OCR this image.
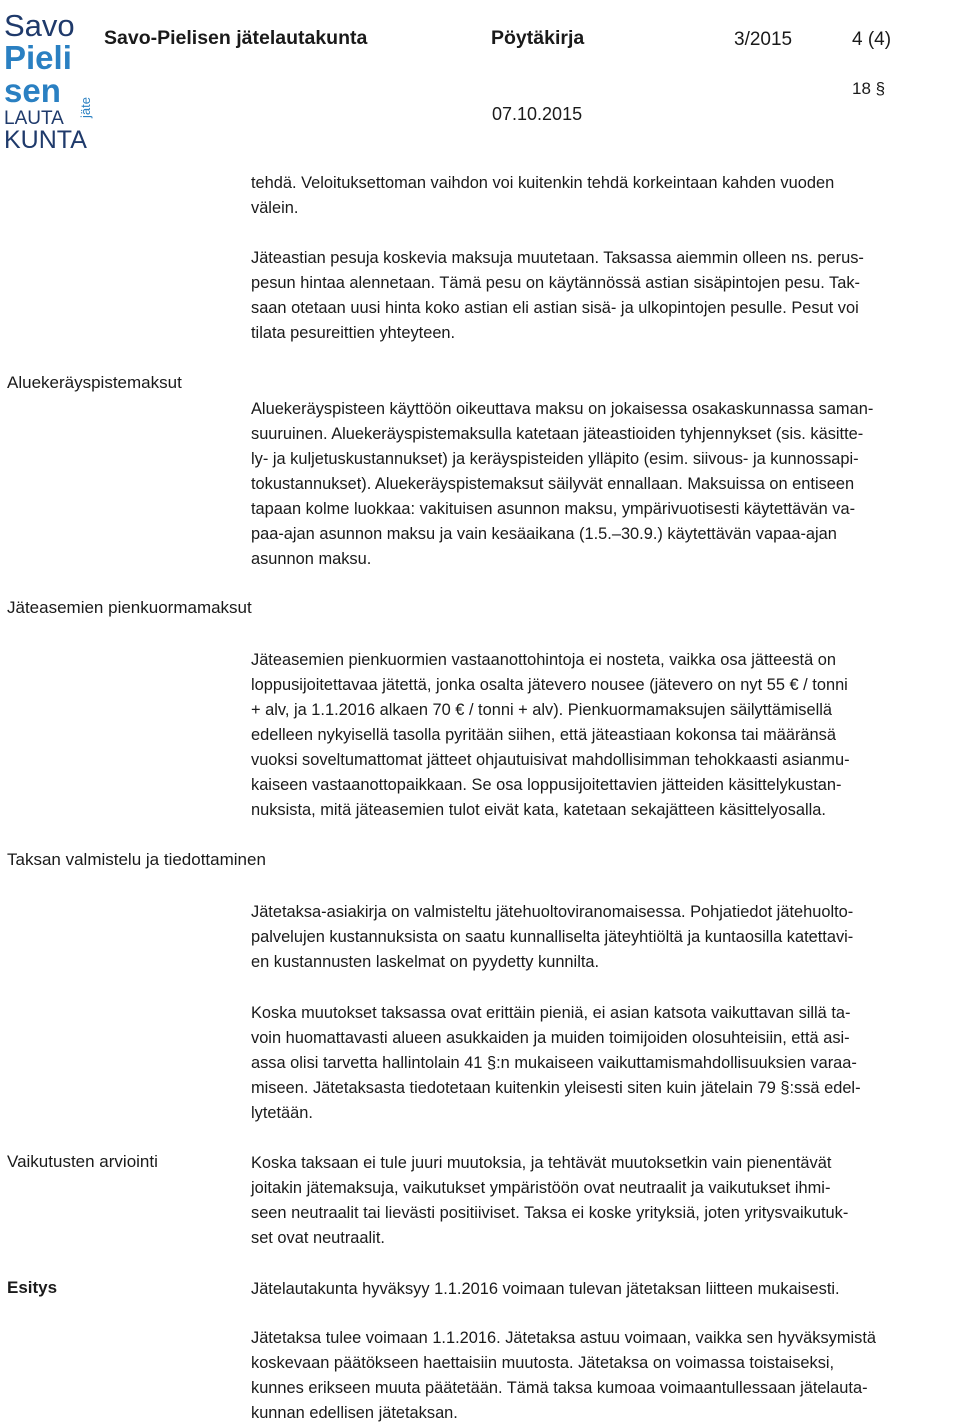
Savo
Pieli
sen
LAUTA
KUNTA
jäte
Savo-Pielisen jätelautakunta	Pöytäkirja	3/2015	4 (4)
18 §
07.10.2015

tehdä. Veloituksettoman vaihdon voi kuitenkin tehdä korkeintaan kahden vuoden
välein.

Jäteastian pesuja koskevia maksuja muutetaan. Taksassa aiemmin olleen ns. perus-
pesun hintaa alennetaan. Tämä pesu on käytännössä astian sisäpintojen pesu. Tak-
saan otetaan uusi hinta koko astian eli astian sisä- ja ulkopintojen pesulle. Pesut voi
tilata pesureittien yhteyteen.

Aluekeräyspistemaksut

Aluekeräyspisteen käyttöön oikeuttava maksu on jokaisessa osakaskunnassa saman-
suuruinen. Aluekeräyspistemaksulla katetaan jäteastioiden tyhjennykset (sis. käsitte-
ly- ja kuljetuskustannukset) ja keräyspisteiden ylläpito (esim. siivous- ja kunnossapi-
tokustannukset). Aluekeräyspistemaksut säilyvät ennallaan. Maksuissa on entiseen
tapaan kolme luokkaa: vakituisen asunnon maksu, ympärivuotisesti käytettävän va-
paa-ajan asunnon maksu ja vain kesäaikana (1.5.–30.9.) käytettävän vapaa-ajan
asunnon maksu.

Jäteasemien pienkuormamaksut

Jäteasemien pienkuormien vastaanottohintoja ei nosteta, vaikka osa jätteestä on
loppusijoitettavaa jätettä, jonka osalta jätevero nousee (jätevero on nyt 55 € / tonni
+ alv, ja 1.1.2016 alkaen 70 € / tonni + alv). Pienkuormamaksujen säilyttämisellä
edelleen nykyisellä tasolla pyritään siihen, että jäteastiaan kokonsa tai määränsä
vuoksi soveltumattomat jätteet ohjautuisivat mahdollisimman tehokkaasti asianmu-
kaiseen vastaanottopaikkaan. Se osa loppusijoitettavien jätteiden käsittelykustan-
nuksista, mitä jäteasemien tulot eivät kata, katetaan sekajätteen käsittelyosalla.

Taksan valmistelu ja tiedottaminen

Jätetaksa-asiakirja on valmisteltu jätehuoltoviranomaisessa. Pohjatiedot jätehuolto-
palvelujen kustannuksista on saatu kunnalliselta jäteyhtiöltä ja kuntaosilla katettavi-
en kustannusten laskelmat on pyydetty kunnilta.

Koska muutokset taksassa ovat erittäin pieniä, ei asian katsota vaikuttavan sillä ta-
voin huomattavasti alueen asukkaiden ja muiden toimijoiden olosuhteisiin, että asi-
assa olisi tarvetta hallintolain 41 §:n mukaiseen vaikuttamismahdollisuuksien varaa-
miseen. Jätetaksasta tiedotetaan kuitenkin yleisesti siten kuin jätelain 79 §:ssä edel-
lytetään.

Vaikutusten arviointi	Koska taksaan ei tule juuri muutoksia, ja tehtävät muutoksetkin vain pienentävät
joitakin jätemaksuja, vaikutukset ympäristöön ovat neutraalit ja vaikutukset ihmi-
seen neutraalit tai lievästi positiiviset. Taksa ei koske yrityksiä, joten yritysvaikutuk-
set ovat neutraalit.

Esitys	Jätelautakunta hyväksyy 1.1.2016 voimaan tulevan jätetaksan liitteen mukaisesti.

Jätetaksa tulee voimaan 1.1.2016. Jätetaksa astuu voimaan, vaikka sen hyväksymistä
koskevaan päätökseen haettaisiin muutosta. Jätetaksa on voimassa toistaiseksi,
kunnes erikseen muuta päätetään. Tämä taksa kumoaa voimaantullessaan jätelauta-
kunnan edellisen jätetaksan.
